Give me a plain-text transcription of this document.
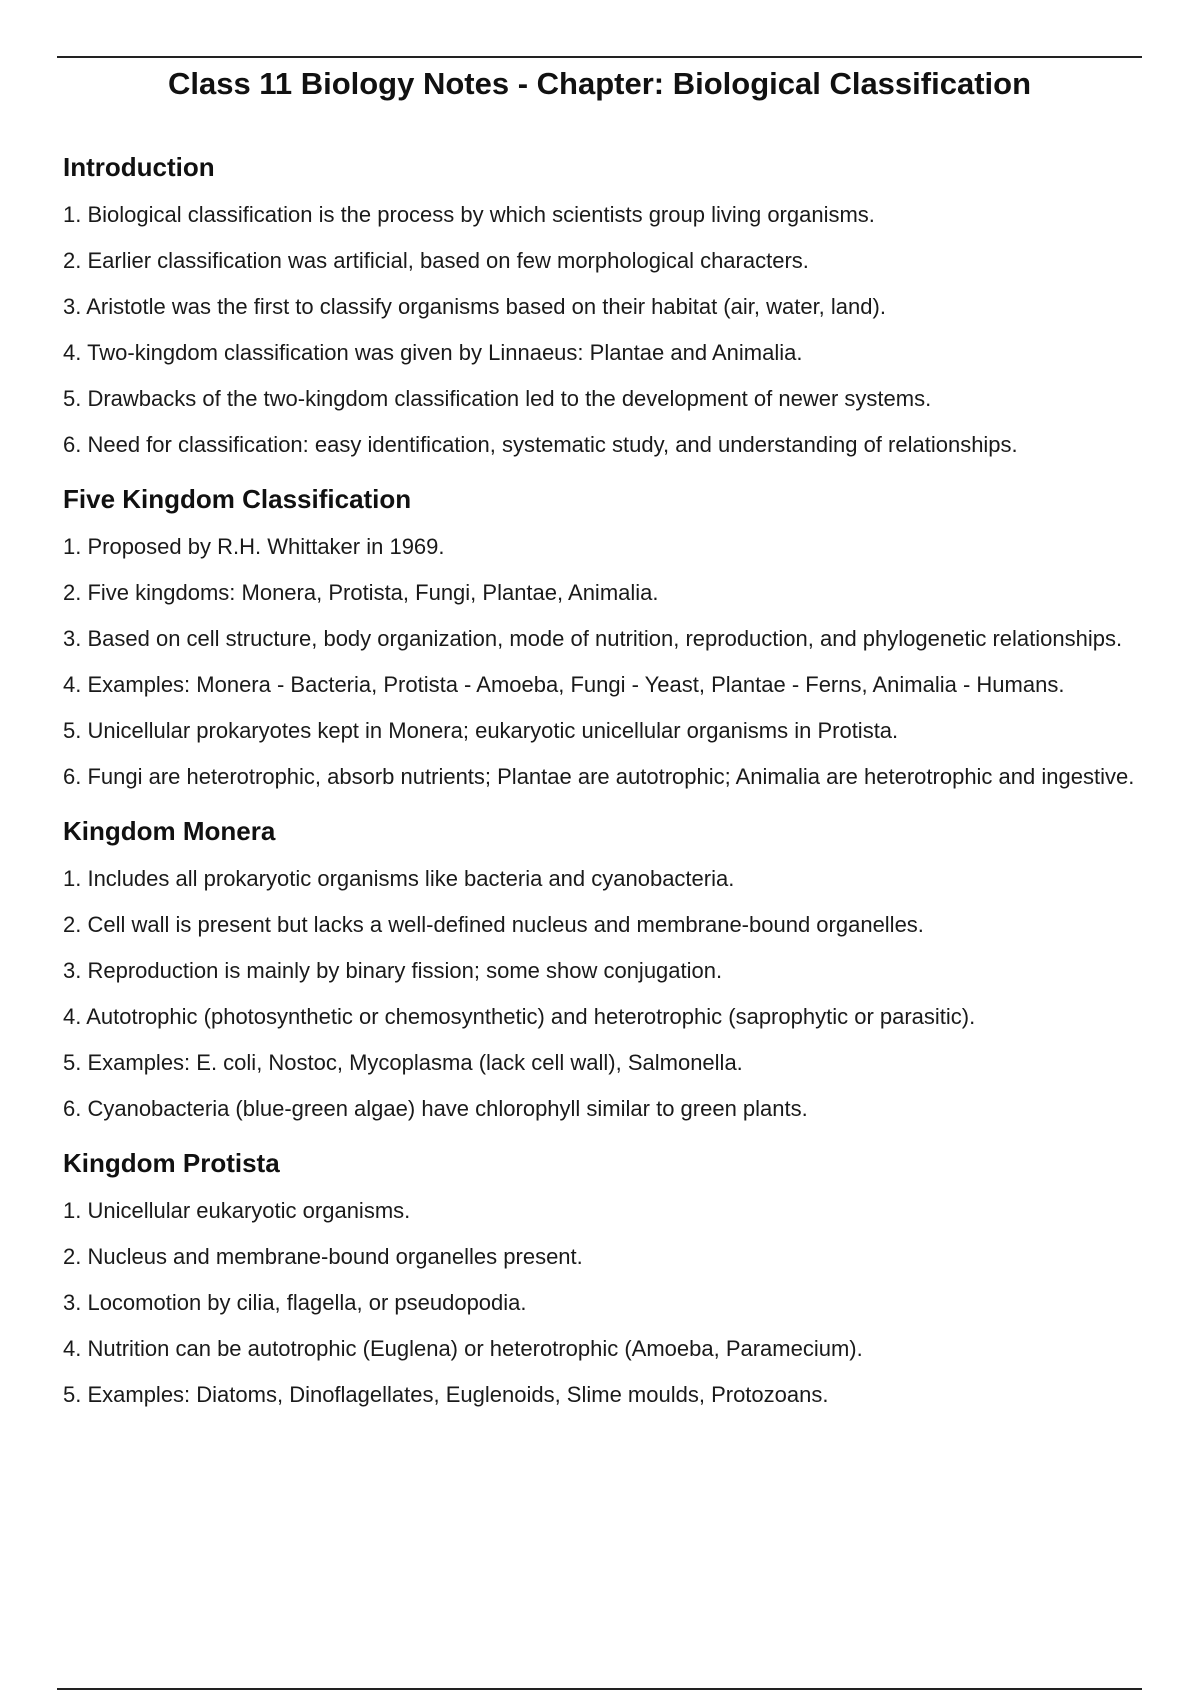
Class 11 Biology Notes - Chapter: Biological Classification
Introduction
1. Biological classification is the process by which scientists group living organisms.
2. Earlier classification was artificial, based on few morphological characters.
3. Aristotle was the first to classify organisms based on their habitat (air, water, land).
4. Two-kingdom classification was given by Linnaeus: Plantae and Animalia.
5. Drawbacks of the two-kingdom classification led to the development of newer systems.
6. Need for classification: easy identification, systematic study, and understanding of relationships.
Five Kingdom Classification
1. Proposed by R.H. Whittaker in 1969.
2. Five kingdoms: Monera, Protista, Fungi, Plantae, Animalia.
3. Based on cell structure, body organization, mode of nutrition, reproduction, and phylogenetic relationships.
4. Examples: Monera - Bacteria, Protista - Amoeba, Fungi - Yeast, Plantae - Ferns, Animalia - Humans.
5. Unicellular prokaryotes kept in Monera; eukaryotic unicellular organisms in Protista.
6. Fungi are heterotrophic, absorb nutrients; Plantae are autotrophic; Animalia are heterotrophic and ingestive.
Kingdom Monera
1. Includes all prokaryotic organisms like bacteria and cyanobacteria.
2. Cell wall is present but lacks a well-defined nucleus and membrane-bound organelles.
3. Reproduction is mainly by binary fission; some show conjugation.
4. Autotrophic (photosynthetic or chemosynthetic) and heterotrophic (saprophytic or parasitic).
5. Examples: E. coli, Nostoc, Mycoplasma (lack cell wall), Salmonella.
6. Cyanobacteria (blue-green algae) have chlorophyll similar to green plants.
Kingdom Protista
1. Unicellular eukaryotic organisms.
2. Nucleus and membrane-bound organelles present.
3. Locomotion by cilia, flagella, or pseudopodia.
4. Nutrition can be autotrophic (Euglena) or heterotrophic (Amoeba, Paramecium).
5. Examples: Diatoms, Dinoflagellates, Euglenoids, Slime moulds, Protozoans.
